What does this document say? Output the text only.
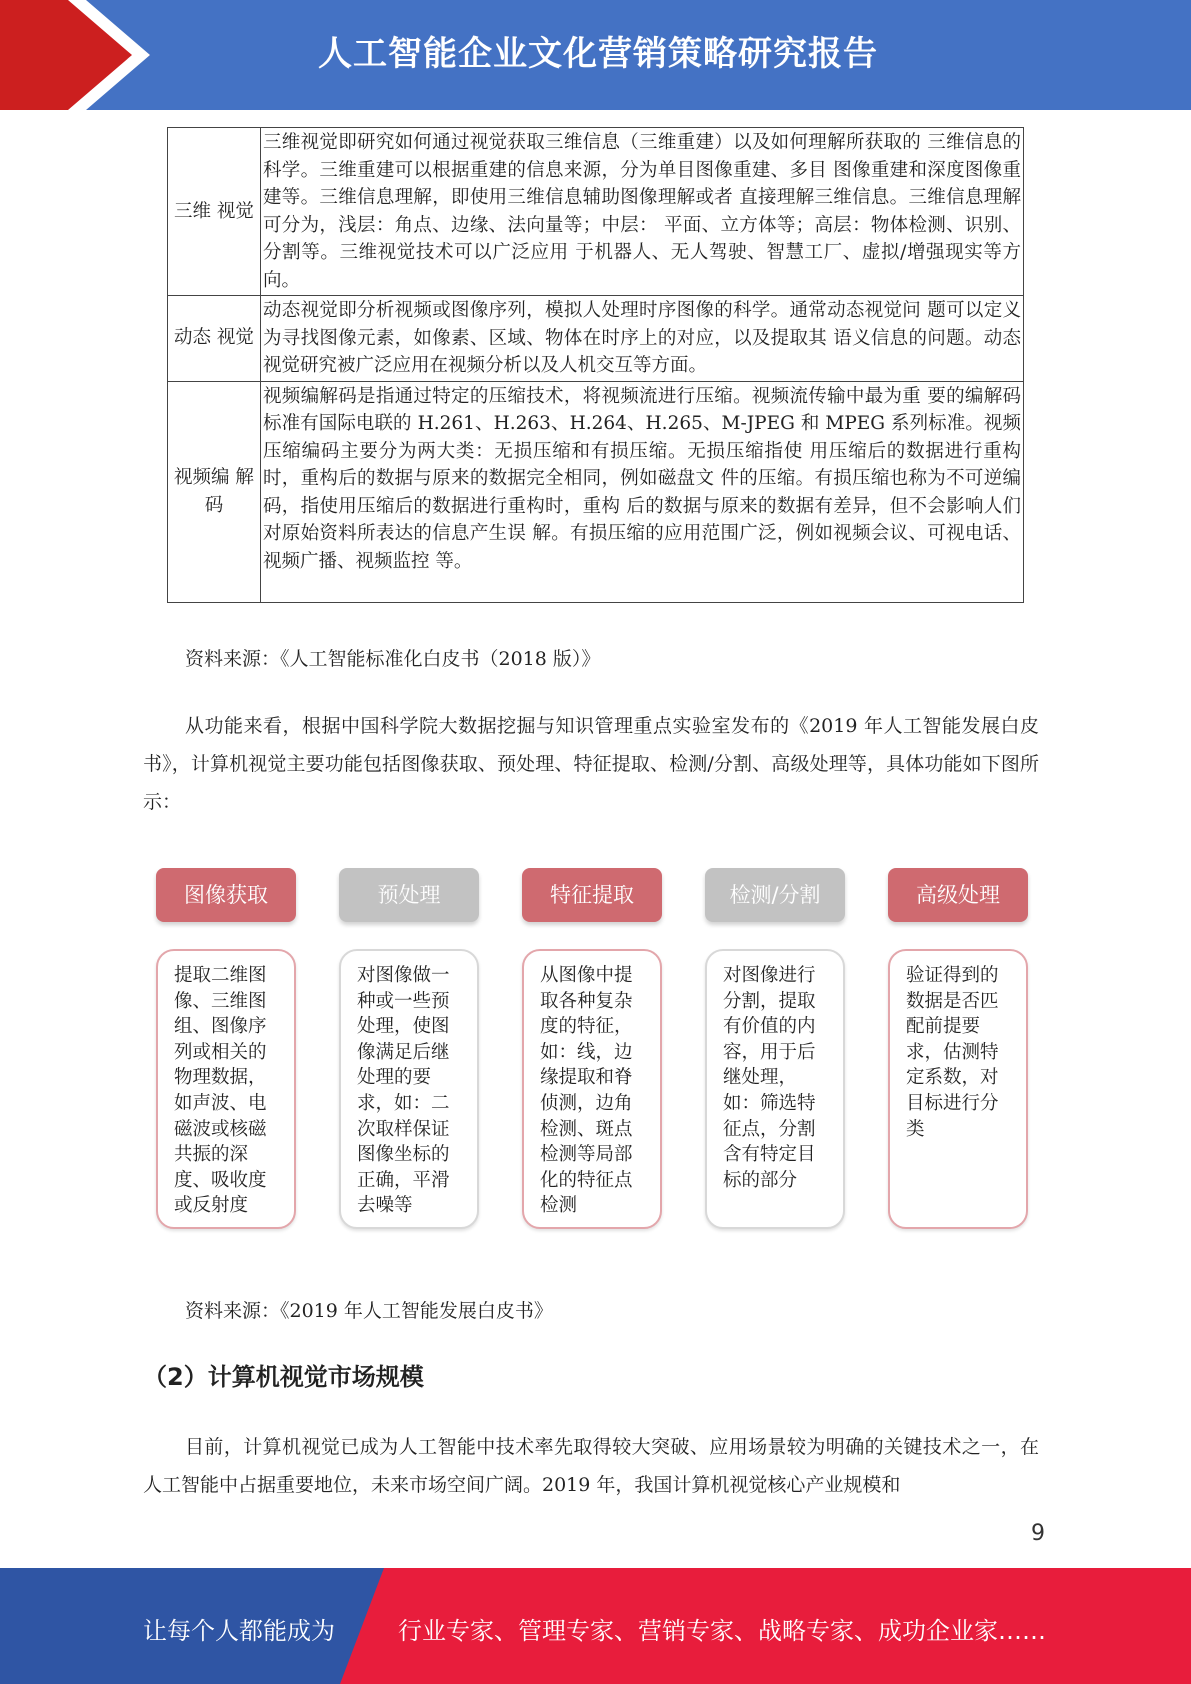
人工智能企业文化营销策略研究报告
三维 视觉	三维视觉即研究如何通过视觉获取三维信息（三维重建）以及如何理解所获取的 三维信息的科学。三维重建可以根据重建的信息来源，分为单目图像重建、多目 图像重建和深度图像重建等。三维信息理解，即使用三维信息辅助图像理解或者 直接理解三维信息。三维信息理解可分为，浅层：角点、边缘、法向量等；中层： 平面、立方体等；高层：物体检测、识别、分割等。三维视觉技术可以广泛应用 于机器人、无人驾驶、智慧工厂、虚拟/增强现实等方向。
动态 视觉	动态视觉即分析视频或图像序列，模拟人处理时序图像的科学。通常动态视觉问 题可以定义为寻找图像元素，如像素、区域、物体在时序上的对应，以及提取其 语义信息的问题。动态视觉研究被广泛应用在视频分析以及人机交互等方面。
视频编 解码	视频编解码是指通过特定的压缩技术，将视频流进行压缩。视频流传输中最为重 要的编解码标准有国际电联的 H.261、H.263、H.264、H.265、M-JPEG 和 MPEG 系列标准。视频压缩编码主要分为两大类：无损压缩和有损压缩。无损压缩指使 用压缩后的数据进行重构时，重构后的数据与原来的数据完全相同，例如磁盘文 件的压缩。有损压缩也称为不可逆编码，指使用压缩后的数据进行重构时，重构 后的数据与原来的数据有差异，但不会影响人们对原始资料所表达的信息产生误 解。有损压缩的应用范围广泛，例如视频会议、可视电话、视频广播、视频监控 等。
资料来源：《人工智能标准化白皮书（2018 版）》
从功能来看，根据中国科学院大数据挖掘与知识管理重点实验室发布的《2019 年人工智能发展白皮书》，计算机视觉主要功能包括图像获取、预处理、特征提取、检测/分割、高级处理等，具体功能如下图所示：
图像获取
提取二维图像、三维图组、图像序列或相关的物理数据，如声波、电磁波或核磁共振的深度、吸收度或反射度
预处理
对图像做一种或一些预处理，使图像满足后继处理的要求，如：二次取样保证图像坐标的正确，平滑去噪等
特征提取
从图像中提取各种复杂度的特征，如：线，边缘提取和脊侦测，边角检测、斑点检测等局部化的特征点检测
检测/分割
对图像进行分割，提取有价值的内容，用于后继处理，如：筛选特征点，分割含有特定目标的部分
高级处理
验证得到的数据是否匹配前提要求，估测特定系数，对目标进行分类
资料来源：《2019 年人工智能发展白皮书》
（2）计算机视觉市场规模
目前，计算机视觉已成为人工智能中技术率先取得较大突破、应用场景较为明确的关键技术之一，在人工智能中占据重要地位，未来市场空间广阔。2019 年，我国计算机视觉核心产业规模和
9
让每个人都能成为	行业专家、管理专家、营销专家、战略专家、成功企业家……
